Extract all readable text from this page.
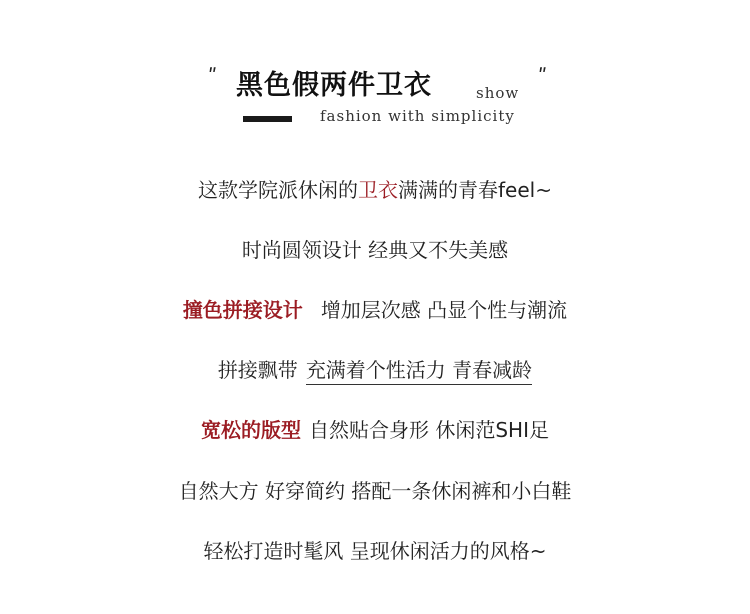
ʺ 黑色假两件卫衣	show
ʺ
fashion with simplicity
这款学院派休闲的卫衣满满的青春feel~
时尚圆领设计 经典又不失美感
撞色拼接设计 增加层次感 凸显个性与潮流
拼接飘带 充满着个性活力 青春减龄
宽松的版型 自然贴合身形 休闲范SHI足
自然大方 好穿简约 搭配一条休闲裤和小白鞋
轻松打造时髦风 呈现休闲活力的风格~
